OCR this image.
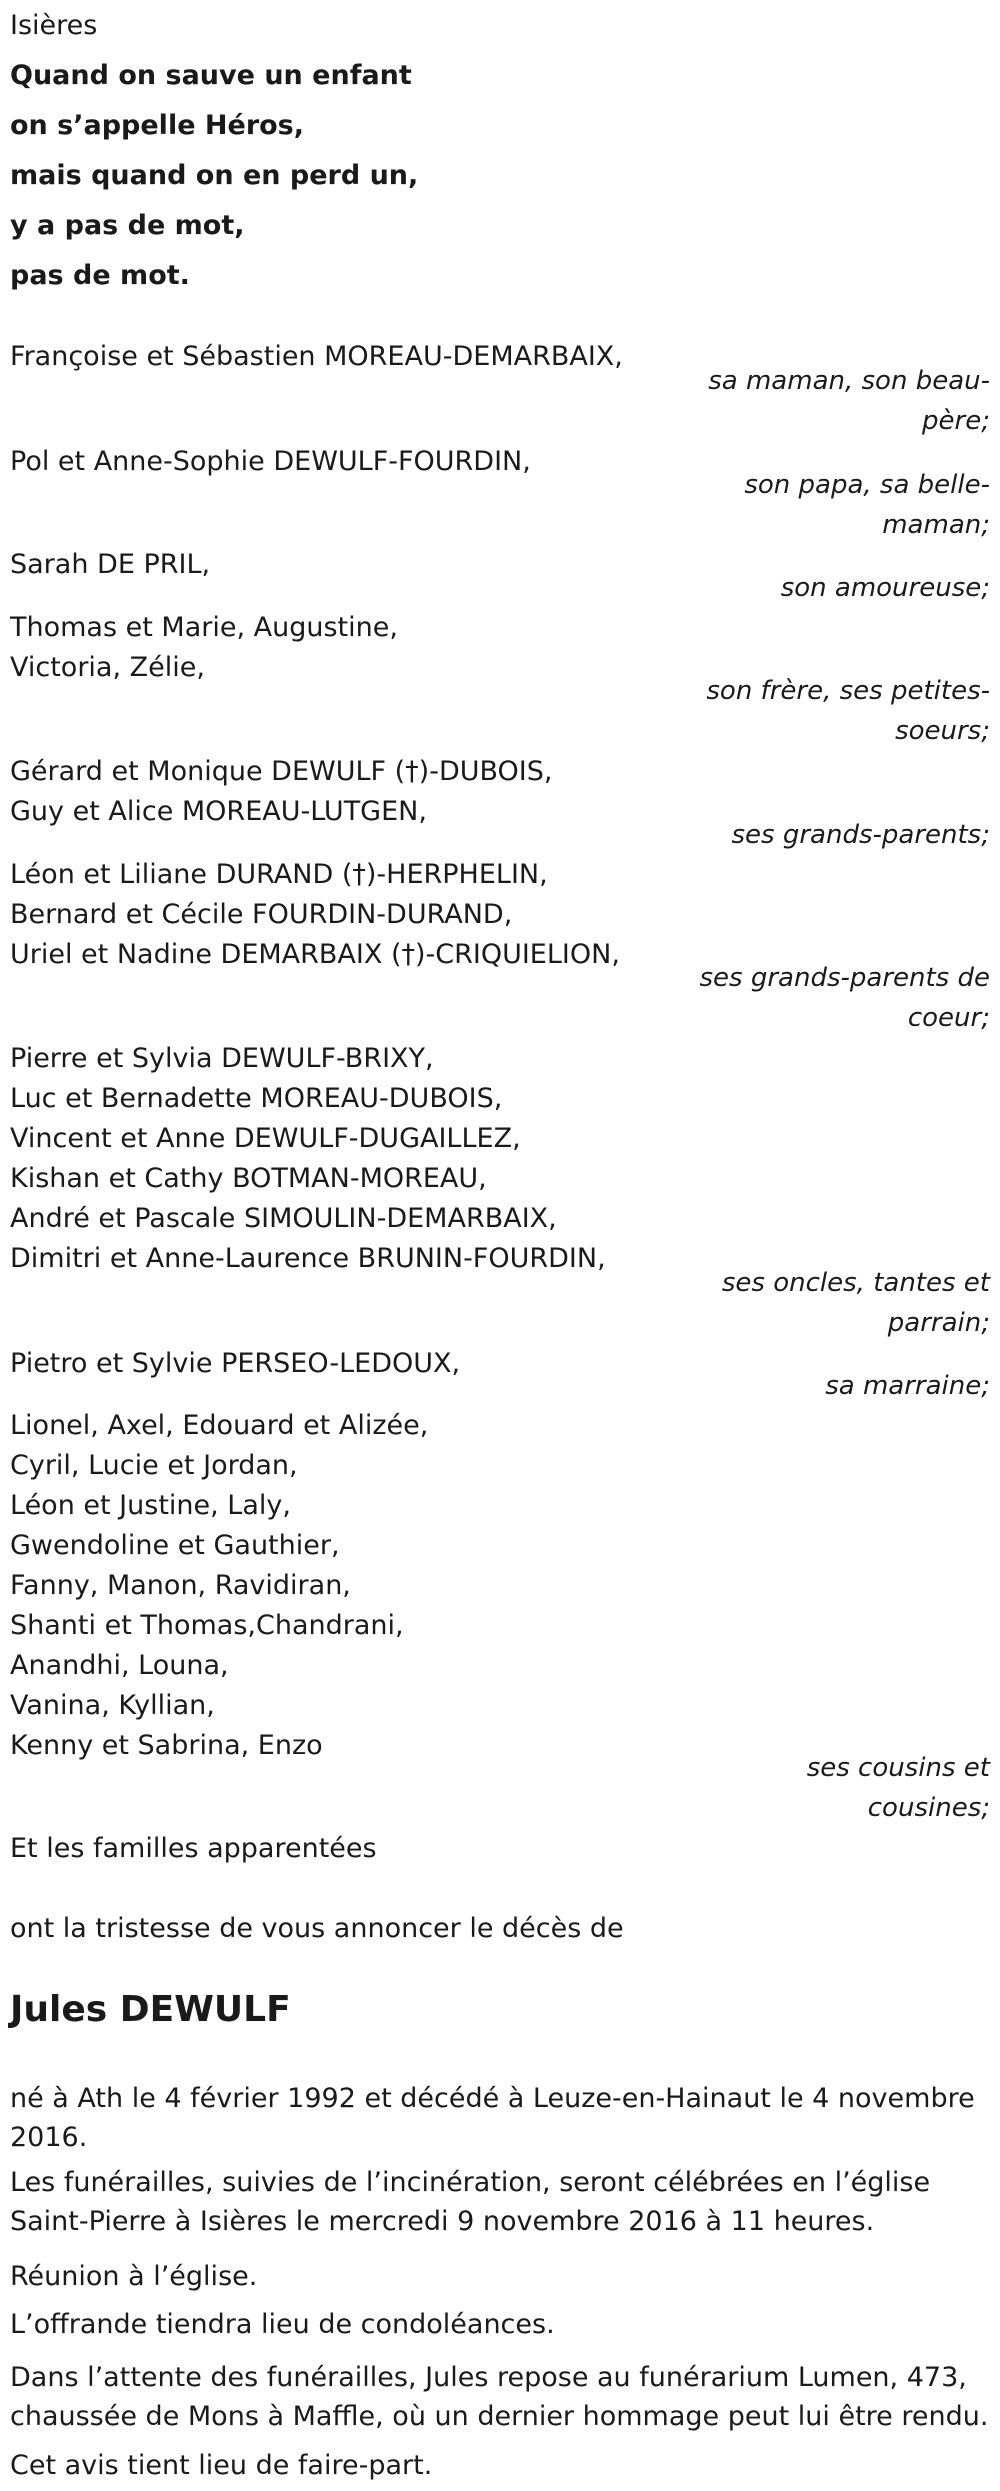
Isières
Quand on sauve un enfant
on s’appelle Héros,
mais quand on en perd un,
y a pas de mot,
pas de mot.
Françoise et Sébastien MOREAU-DEMARBAIX,
sa maman, son beau-père;
Pol et Anne-Sophie DEWULF-FOURDIN,
son papa, sa belle-maman;
Sarah DE PRIL,
son amoureuse;
Thomas et Marie, Augustine,
Victoria, Zélie,
son frère, ses petites-soeurs;
Gérard et Monique DEWULF (†)-DUBOIS,
Guy et Alice MOREAU-LUTGEN,
ses grands-parents;
Léon et Liliane DURAND (†)-HERPHELIN,
Bernard et Cécile FOURDIN-DURAND,
Uriel et Nadine DEMARBAIX (†)-CRIQUIELION,
ses grands-parents de coeur;
Pierre et Sylvia DEWULF-BRIXY,
Luc et Bernadette MOREAU-DUBOIS,
Vincent et Anne DEWULF-DUGAILLEZ,
Kishan et Cathy BOTMAN-MOREAU,
André et Pascale SIMOULIN-DEMARBAIX,
Dimitri et Anne-Laurence BRUNIN-FOURDIN,
ses oncles, tantes et parrain;
Pietro et Sylvie PERSEO-LEDOUX,
sa marraine;
Lionel, Axel, Edouard et Alizée,
Cyril, Lucie et Jordan,
Léon et Justine, Laly,
Gwendoline et Gauthier,
Fanny, Manon, Ravidiran,
Shanti et Thomas,Chandrani,
Anandhi, Louna,
Vanina, Kyllian,
Kenny et Sabrina, Enzo
ses cousins et cousines;
Et les familles apparentées
ont la tristesse de vous annoncer le décès de
Jules DEWULF
né à Ath le 4 février 1992 et décédé à Leuze-en-Hainaut le 4 novembre 2016.
Les funérailles, suivies de l’incinération, seront célébrées en l’église Saint-Pierre à Isières le mercredi 9 novembre 2016 à 11 heures.
Réunion à l’église.
L’offrande tiendra lieu de condoléances.
Dans l’attente des funérailles, Jules repose au funérarium Lumen, 473, chaussée de Mons à Maffle, où un dernier hommage peut lui être rendu.
Cet avis tient lieu de faire-part.
